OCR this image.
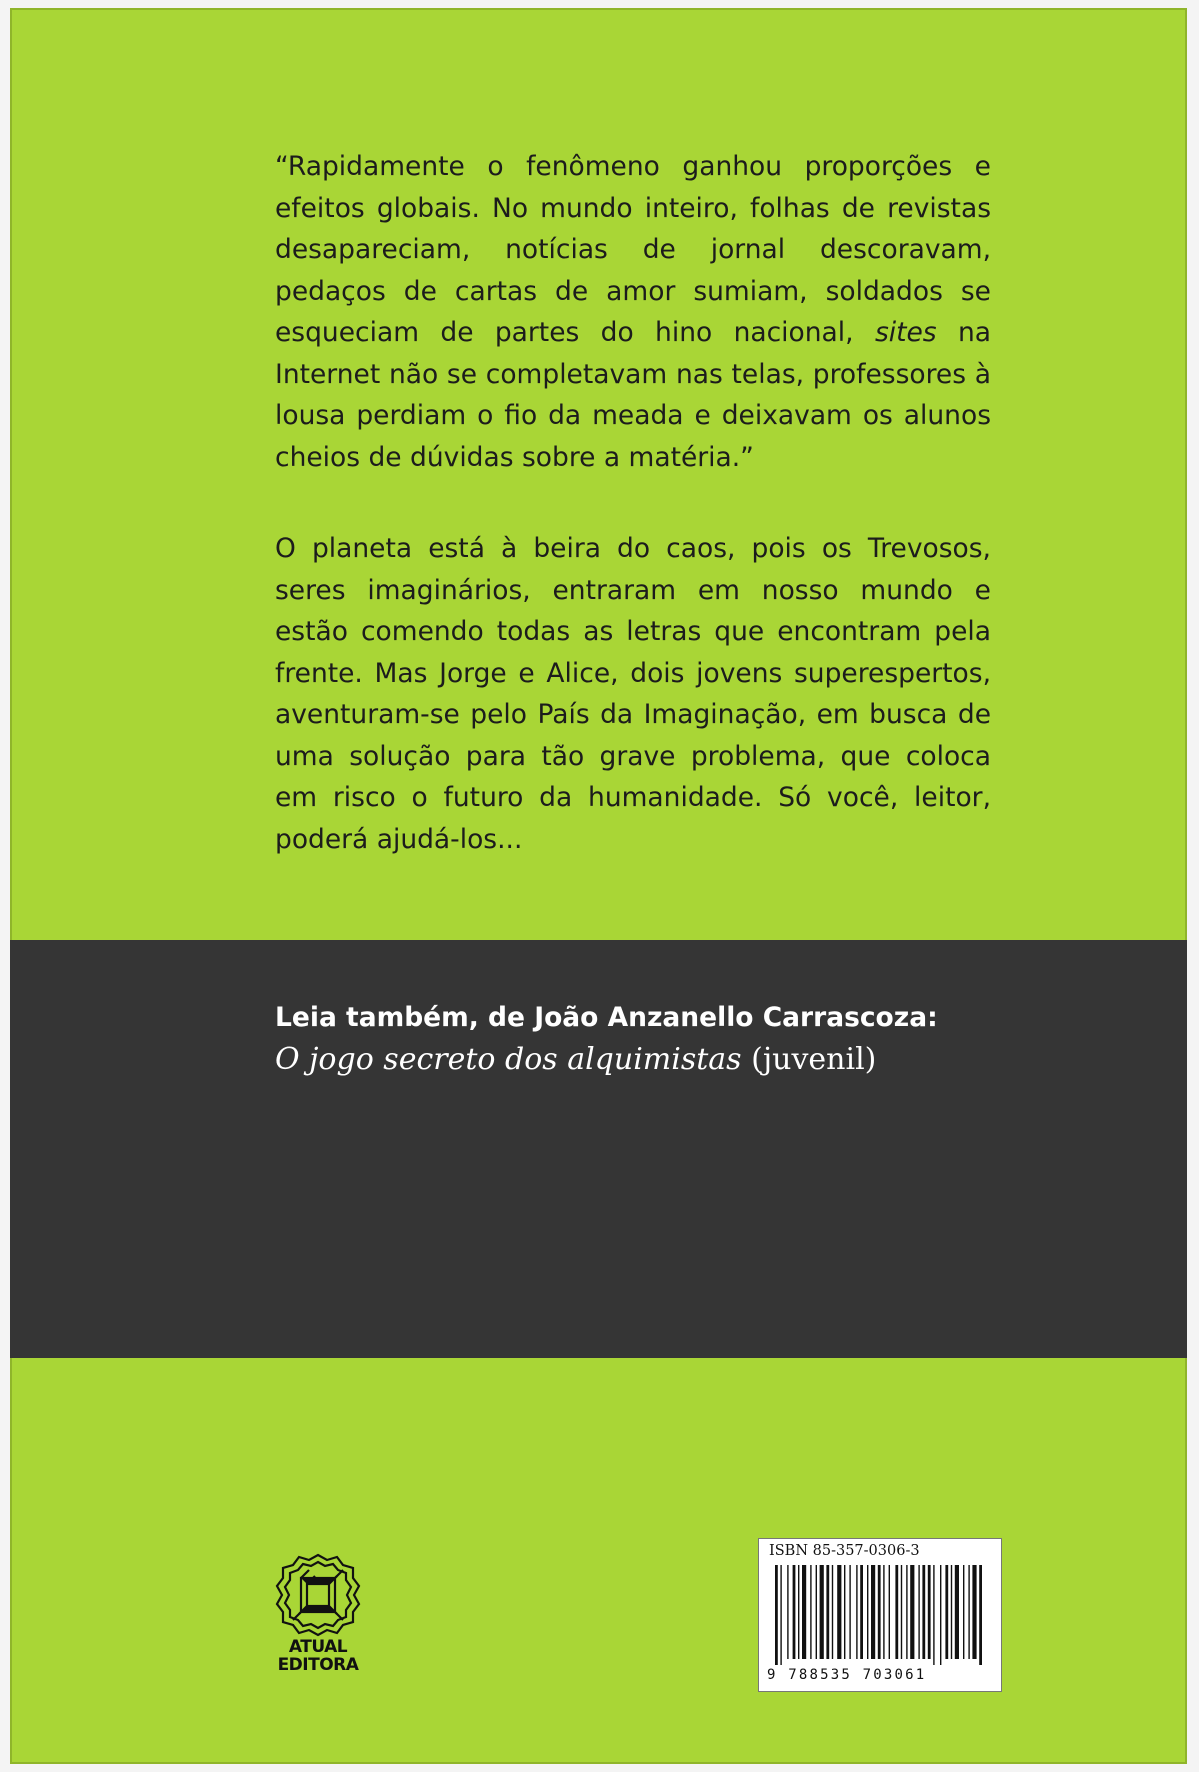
“Rapidamente o fenômeno ganhou proporções e efeitos globais. No mundo inteiro, folhas de revistas desapareciam, notícias de jornal descoravam, pedaços de cartas de amor sumiam, soldados se esqueciam de partes do hino nacional, sites na Internet não se completavam nas telas, professores à lousa perdiam o fio da meada e deixavam os alunos cheios de dúvidas sobre a matéria.”

O planeta está à beira do caos, pois os Trevosos, seres imaginários, entraram em nosso mundo e estão comendo todas as letras que encontram pela frente. Mas Jorge e Alice, dois jovens superespertos, aventuram-se pelo País da Imaginação, em busca de uma solução para tão grave problema, que coloca em risco o futuro da humanidade. Só você, leitor, poderá ajudá-los...

Leia também, de João Anzanello Carrascoza:
O jogo secreto dos alquimistas (juvenil)
ATUAL
EDITORA
ISBN 85-357-0306-3
9 788535 703061
